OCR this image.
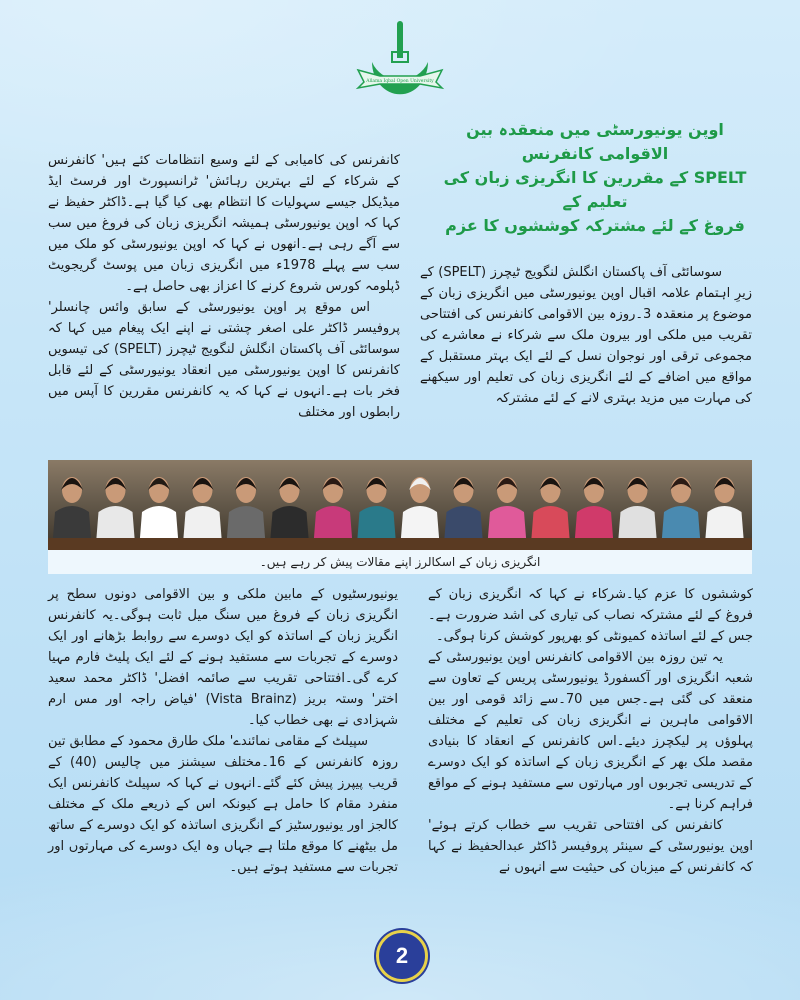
Allama Iqbal Open University
اوپن یونیورسٹی میں منعقدہ بین الاقوامی کانفرنس
SPELT کے مقررین کا انگریزی زبان کی تعلیم کے
فروغ کے لئے مشترکہ کوششوں کا عزم

سوسائٹی آف پاکستان انگلش لنگویج ٹیچرز (SPELT) کے زیرِ اہتمام علامہ اقبال اوپن یونیورسٹی میں انگریزی زبان کے موضوع پر منعقدہ 3۔روزہ بین الاقوامی کانفرنس کی افتتاحی تقریب میں ملکی اور بیرون ملک سے شرکاء نے معاشرے کی مجموعی ترقی اور نوجوان نسل کے لئے ایک بہتر مستقبل کے مواقع میں اضافے کے لئے انگریزی زبان کی تعلیم اور سیکھنے کی مہارت میں مزید بہتری لانے کے لئے مشترکہ

کانفرنس کی کامیابی کے لئے وسیع انتظامات کئے ہیں' کانفرنس کے شرکاء کے لئے بہترین رہائش' ٹرانسپورٹ اور فرسٹ ایڈ میڈیکل جیسے سہولیات کا انتظام بھی کیا گیا ہے۔ڈاکٹر حفیظ نے کہا کہ اوپن یونیورسٹی ہمیشہ انگریزی زبان کی فروغ میں سب سے آگے رہی ہے۔انھوں نے کہا کہ اوپن یونیورسٹی کو ملک میں سب سے پہلے 1978ء میں انگریزی زبان میں پوسٹ گریجویٹ ڈپلومہ کورس شروع کرنے کا اعزاز بھی حاصل ہے۔

اس موقع پر اوپن یونیورسٹی کے سابق وائس چانسلر' پروفیسر ڈاکٹر علی اصغر چشتی نے اپنے ایک پیغام میں کہا کہ سوسائٹی آف پاکستان انگلش لنگویج ٹیچرز (SPELT) کی تیسویں کانفرنس کا اوپن یونیورسٹی میں انعقاد یونیورسٹی کے لئے قابل فخر بات ہے۔انہوں نے کہا کہ یہ کانفرنس مقررین کا آپس میں رابطوں اور مختلف

انگریزی زبان کے اسکالرز اپنے مقالات پیش کر رہے ہیں۔

کوششوں کا عزم کیا۔شرکاء نے کہا کہ انگریزی زبان کے فروغ کے لئے مشترکہ نصاب کی تیاری کی اشد ضرورت ہے۔جس کے لئے اساتذہ کمیونٹی کو بھرپور کوشش کرنا ہوگی۔

یہ تین روزہ بین الاقوامی کانفرنس اوپن یونیورسٹی کے شعبہ انگریزی اور آکسفورڈ یونیورسٹی پریس کے تعاون سے منعقد کی گئی ہے۔جس میں 70۔سے زائد قومی اور بین الاقوامی ماہرین نے انگریزی زبان کی تعلیم کے مختلف پہلوؤں پر لیکچرز دیئے۔اس کانفرنس کے انعقاد کا بنیادی مقصد ملک بھر کے انگریزی زبان کے اساتذہ کو ایک دوسرے کے تدریسی تجربوں اور مہارتوں سے مستفید ہونے کے مواقع فراہم کرنا ہے۔

کانفرنس کی افتتاحی تقریب سے خطاب کرتے ہوئے' اوپن یونیورسٹی کے سینئر پروفیسر ڈاکٹر عبدالحفیظ نے کہا کہ کانفرنس کے میزبان کی حیثیت سے انہوں نے

یونیورسٹیوں کے مابین ملکی و بین الاقوامی دونوں سطح پر انگریزی زبان کے فروغ میں سنگ میل ثابت ہوگی۔یہ کانفرنس انگریز زبان کے اساتذہ کو ایک دوسرے سے روابط بڑھانے اور ایک دوسرے کے تجربات سے مستفید ہونے کے لئے ایک پلیٹ فارم مہیا کرے گی۔افتتاحی تقریب سے صائمہ افضل' ڈاکٹر محمد سعید اختر' وستہ بریز (Vista Brainz) 'فیاض راجہ اور مس ارم شہزادی نے بھی خطاب کیا۔

سپیلٹ کے مقامی نمائندے' ملک طارق محمود کے مطابق تین روزہ کانفرنس کے 16۔مختلف سیشنز میں چالیس (40) کے قریب پیپرز پیش کئے گئے۔انہوں نے کہا کہ سپیلٹ کانفرنس ایک منفرد مقام کا حامل ہے کیونکہ اس کے ذریعے ملک کے مختلف کالجز اور یونیورسٹیز کے انگریزی اساتذہ کو ایک دوسرے کے ساتھ مل بیٹھنے کا موقع ملتا ہے جہاں وہ ایک دوسرے کی مہارتوں اور تجربات سے مستفید ہوتے ہیں۔

2
